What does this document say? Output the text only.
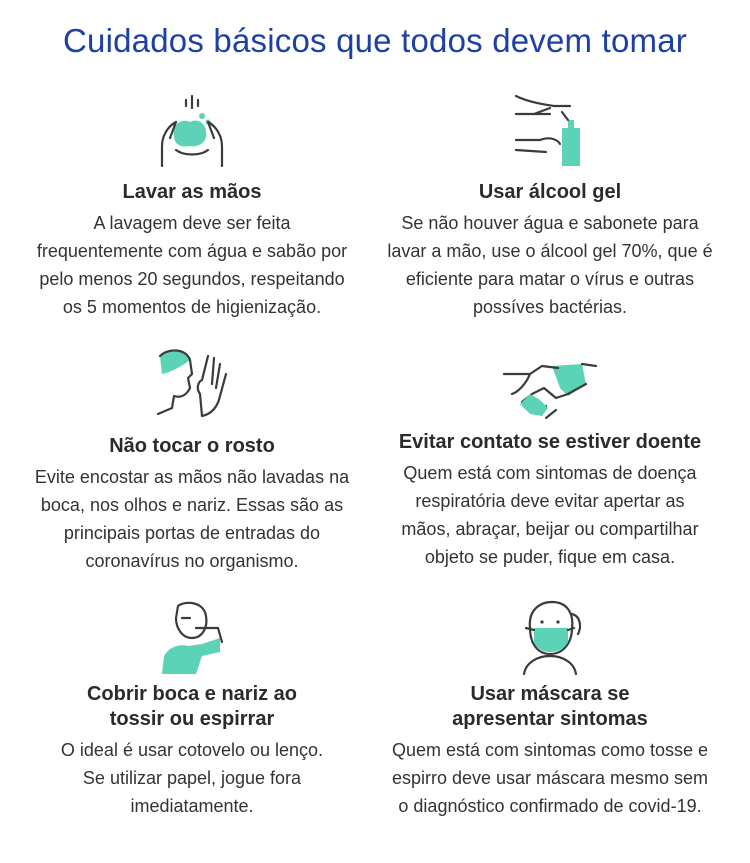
Cuidados básicos que todos devem tomar
Lavar as mãos
A lavagem deve ser feita
frequentemente com água e sabão por
pelo menos 20 segundos, respeitando
os 5 momentos de higienização.
Usar álcool gel
Se não houver água e sabonete para
lavar a mão, use o álcool gel 70%, que é
eficiente para matar o vírus e outras
possíves bactérias.
Não tocar o rosto
Evite encostar as mãos não lavadas na
boca, nos olhos e nariz. Essas são as
principais portas de entradas do
coronavírus no organismo.
Evitar contato se estiver doente
Quem está com sintomas de doença
respiratória deve evitar apertar as
mãos, abraçar, beijar ou compartilhar
objeto se puder, fique em casa.
Cobrir boca e nariz ao
tossir ou espirrar
O ideal é usar cotovelo ou lenço.
Se utilizar papel, jogue fora
imediatamente.
Usar máscara se
apresentar sintomas
Quem está com sintomas como tosse e
espirro deve usar máscara mesmo sem
o diagnóstico confirmado de covid-19.
